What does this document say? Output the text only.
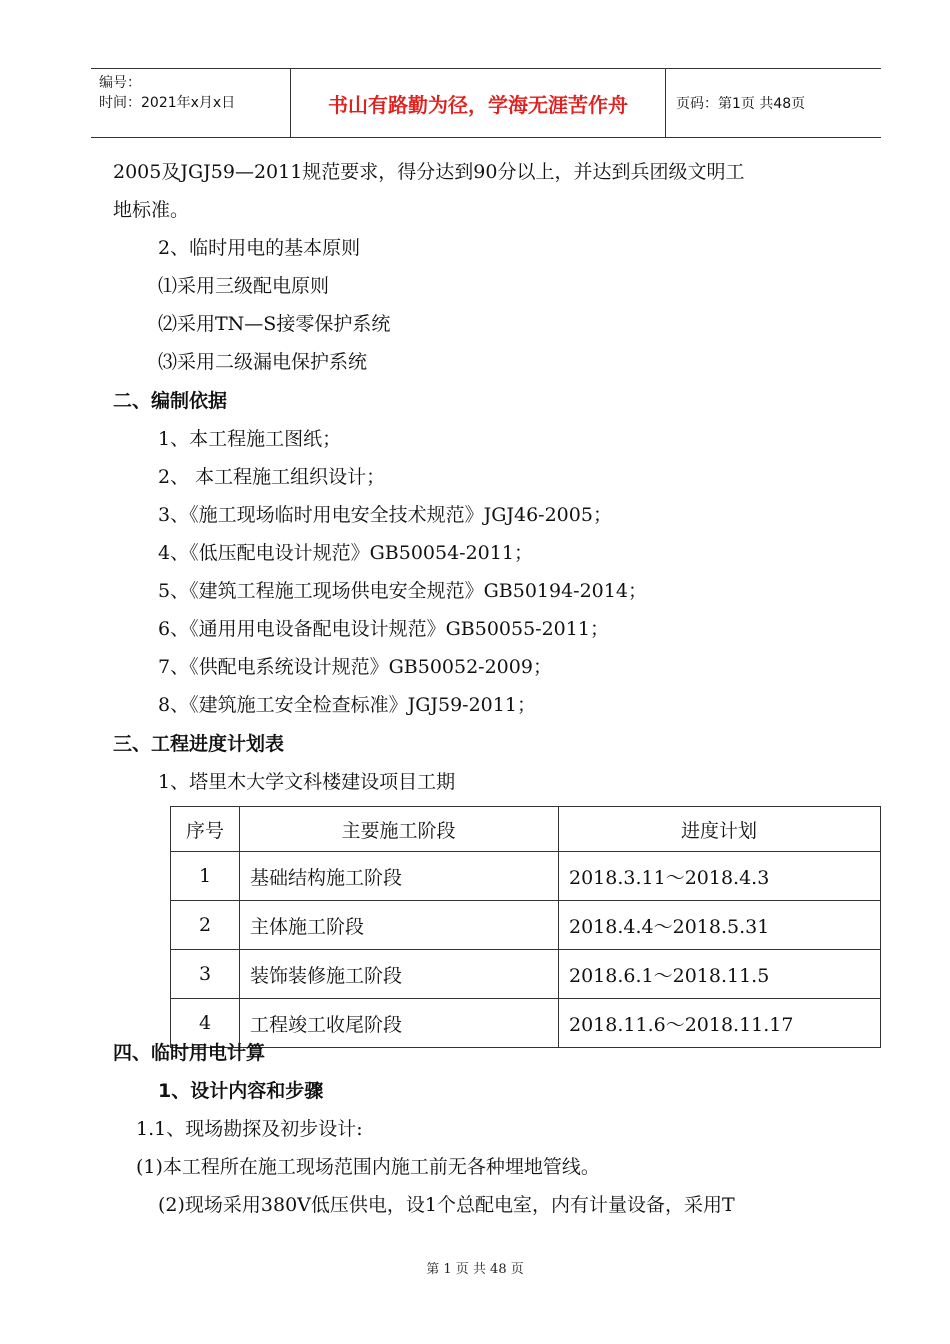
编号：
时间：2021年x月x日	书山有路勤为径，学海无涯苦作舟	页码：第1页 共48页
2005及JGJ59—2011规范要求，得分达到90分以上，并达到兵团级文明工
地标准。
2、临时用电的基本原则
⑴采用三级配电原则
⑵采用TN—S接零保护系统
⑶采用二级漏电保护系统
二、编制依据
1、本工程施工图纸；
2、 本工程施工组织设计；
3、《施工现场临时用电安全技术规范》JGJ46-2005；
4、《低压配电设计规范》GB50054-2011；
5、《建筑工程施工现场供电安全规范》GB50194-2014；
6、《通用用电设备配电设计规范》GB50055-2011；
7、《供配电系统设计规范》GB50052-2009；
8、《建筑施工安全检查标准》JGJ59-2011；
三、工程进度计划表
1、塔里木大学文科楼建设项目工期
序号	主要施工阶段	进度计划
1	基础结构施工阶段	2018.3.11～2018.4.3
2	主体施工阶段	2018.4.4～2018.5.31
3	装饰装修施工阶段	2018.6.1～2018.11.5
4	工程竣工收尾阶段	2018.11.6～2018.11.17
四、临时用电计算
1、设计内容和步骤
1.1、现场勘探及初步设计:
(1)本工程所在施工现场范围内施工前无各种埋地管线。
(2)现场采用380V低压供电，设1个总配电室，内有计量设备，采用T
第 1 页 共 48 页
